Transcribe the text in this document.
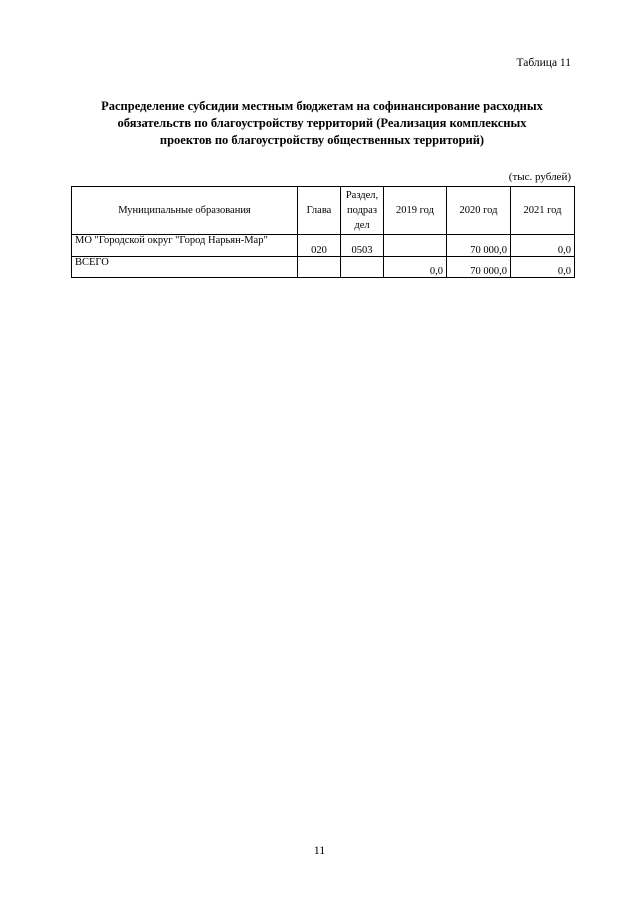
Таблица 11
Распределение субсидии местным бюджетам на софинансирование расходных
обязательств по благоустройству территорий (Реализация комплексных
проектов по благоустройству общественных территорий)
(тыс. рублей)
Муниципальные образования	Глава	Раздел,
подраз
дел	2019 год	2020 год	2021 год
МО "Городской округ "Город Нарьян-Мар"	020	0503		70 000,0	0,0
ВСЕГО			0,0	70 000,0	0,0
11
